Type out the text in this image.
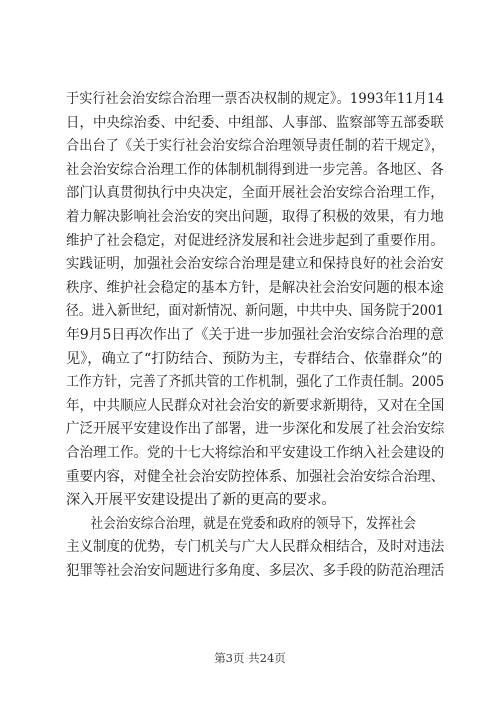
于实行社会治安综合治理一票否决权制的规定》。1993年11月14

日，中央综治委、中纪委、中组部、人事部、监察部等五部委联

合出台了《关于实行社会治安综合治理领导责任制的若干规定》，

社会治安综合治理工作的体制机制得到进一步完善。各地区、各

部门认真贯彻执行中央决定，全面开展社会治安综合治理工作，

着力解决影响社会治安的突出问题，取得了积极的效果，有力地

维护了社会稳定，对促进经济发展和社会进步起到了重要作用。

实践证明，加强社会治安综合治理是建立和保持良好的社会治安

秩序、维护社会稳定的基本方针，是解决社会治安问题的根本途

径。进入新世纪，面对新情况、新问题，中共中央、国务院于2001

年9月5日再次作出了《关于进一步加强社会治安综合治理的意

见》，确立了“打防结合、预防为主，专群结合、依靠群众”的

工作方针，完善了齐抓共管的工作机制，强化了工作责任制。2005

年，中共顺应人民群众对社会治安的新要求新期待，又对在全国

广泛开展平安建设作出了部署，进一步深化和发展了社会治安综

合治理工作。党的十七大将综治和平安建设工作纳入社会建设的

重要内容，对健全社会治安防控体系、加强社会治安综合治理、

深入开展平安建设提出了新的更高的要求。

社会治安综合治理，就是在党委和政府的领导下，发挥社会

主义制度的优势，专门机关与广大人民群众相结合，及时对违法

犯罪等社会治安问题进行多角度、多层次、多手段的防范治理活

第3页 共24页
